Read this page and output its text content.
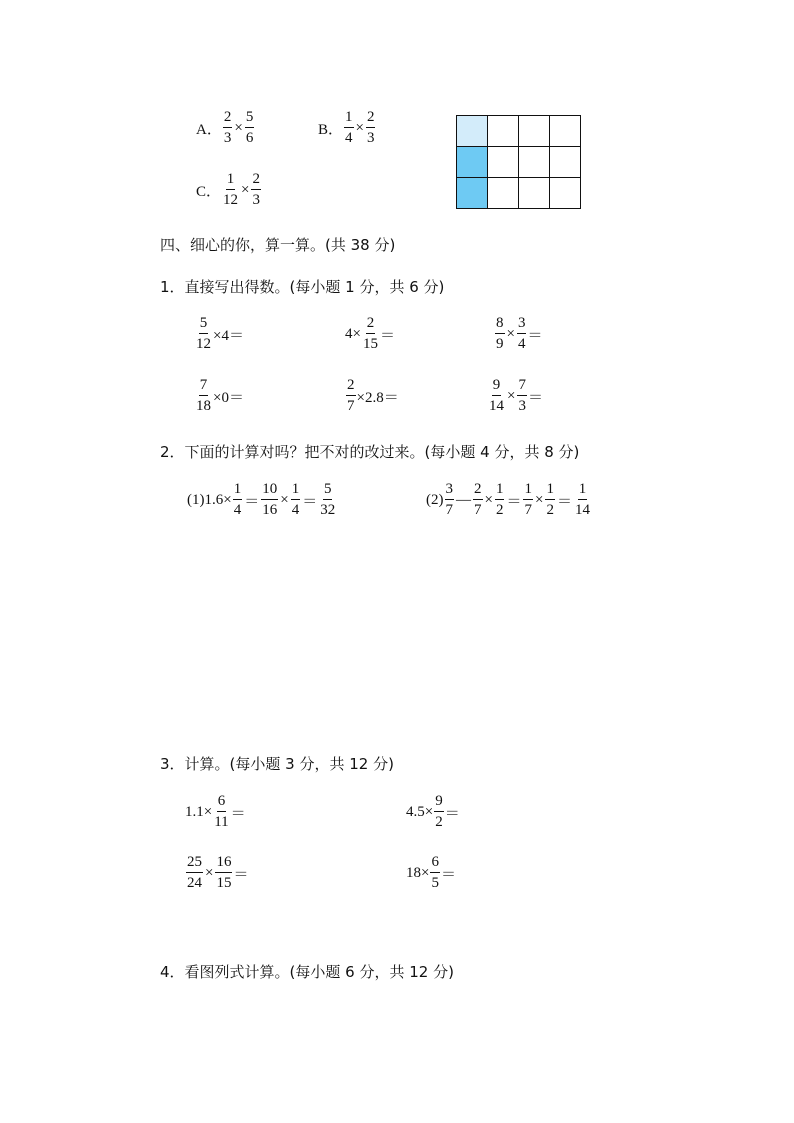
A． $\frac{2}{3} \times \frac{5}{6}$	B． $\frac{1}{4} \times \frac{2}{3}$
C． $\frac{1}{12} \times \frac{2}{3}$
四、细心的你，算一算。(共 38 分)
1．直接写出得数。(每小题 1 分，共 6 分)
$\frac{5}{12} \times 4=$	$4\times \frac{2}{15}$ ＝	$\frac{8}{9} \times \frac{3}{4}$ ＝
$\frac{7}{18} \times 0=$	$\frac{2}{7} \times 2.8=$	$\frac{9}{14} \times \frac{7}{3}$ ＝
2．下面的计算对吗？把不对的改过来。(每小题 4 分，共 8 分)
$(1)1.6\times \frac{1}{4} = \frac{10}{16} \times \frac{1}{4} = \frac{5}{32}$	$(2) \frac{3}{7}$ — $\frac{2}{7} \times \frac{1}{2} = \frac{1}{7} \times \frac{1}{2} = \frac{1}{14}$
3．计算。(每小题 3 分，共 12 分)
$1.1\times \frac{6}{11}$ ＝	$4.5\times \frac{9}{2}$ ＝
$\frac{25}{24} \times \frac{16}{15}$ ＝	$18\times \frac{6}{5}$ ＝
4．看图列式计算。(每小题 6 分，共 12 分)
